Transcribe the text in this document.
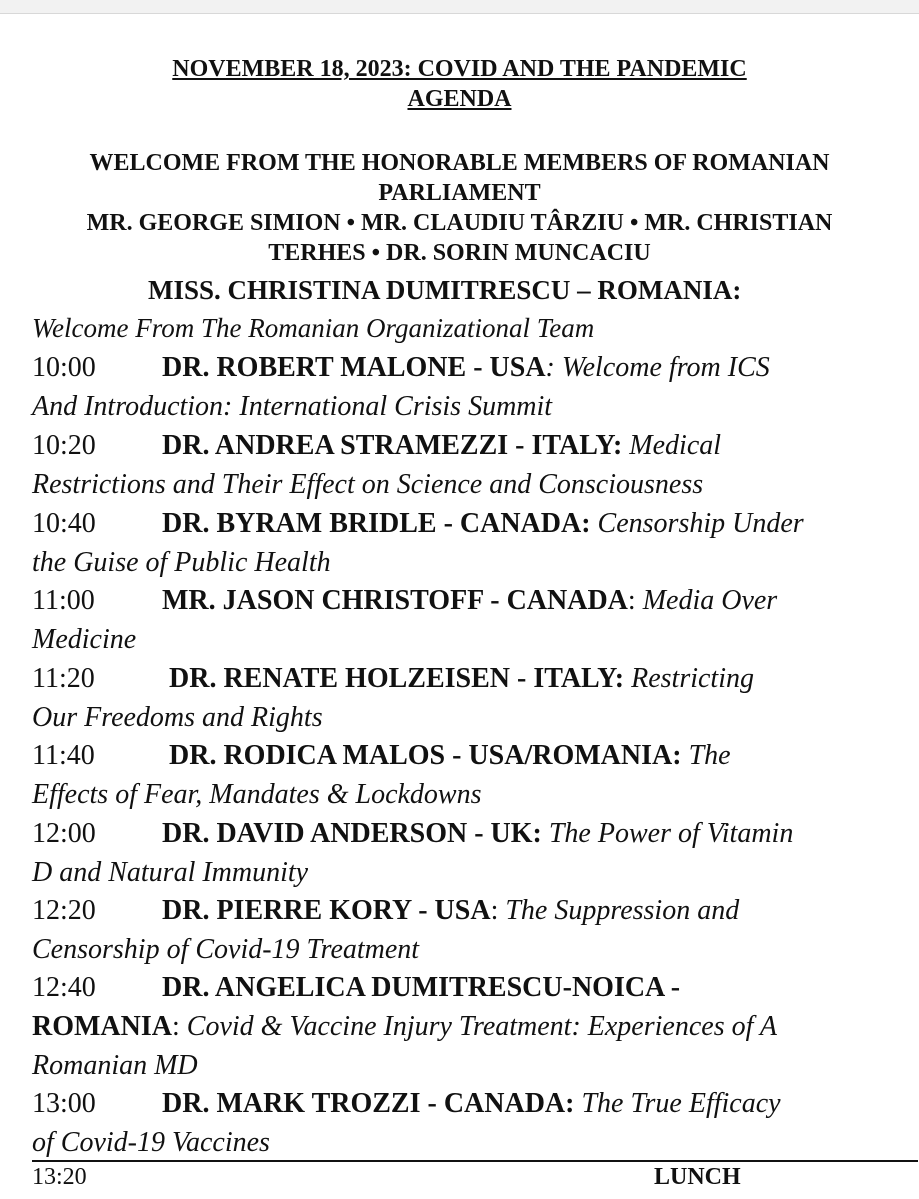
NOVEMBER 18, 2023: COVID AND THE PANDEMIC
AGENDA
WELCOME FROM THE HONORABLE MEMBERS OF ROMANIAN
PARLIAMENT
MR. GEORGE SIMION • MR. CLAUDIU TÂRZIU • MR. CHRISTIAN
TERHES • DR. SORIN MUNCACIU
MISS. CHRISTINA DUMITRESCU – ROMANIA:
Welcome From The Romanian Organizational Team
10:00 DR. ROBERT MALONE - USA: Welcome from ICS
And Introduction: International Crisis Summit
10:20 DR. ANDREA STRAMEZZI - ITALY: Medical
Restrictions and Their Effect on Science and Consciousness
10:40 DR. BYRAM BRIDLE - CANADA: Censorship Under
the Guise of Public Health
11:00 MR. JASON CHRISTOFF - CANADA: Media Over
Medicine
11:20 DR. RENATE HOLZEISEN - ITALY: Restricting
Our Freedoms and Rights
11:40 DR. RODICA MALOS - USA/ROMANIA: The
Effects of Fear, Mandates & Lockdowns
12:00 DR. DAVID ANDERSON - UK: The Power of Vitamin
D and Natural Immunity
12:20 DR. PIERRE KORY - USA: The Suppression and
Censorship of Covid-19 Treatment
12:40 DR. ANGELICA DUMITRESCU-NOICA -
ROMANIA: Covid & Vaccine Injury Treatment: Experiences of A
Romanian MD
13:00 DR. MARK TROZZI - CANADA: The True Efficacy
of Covid-19 Vaccines
13:20	LUNCH
